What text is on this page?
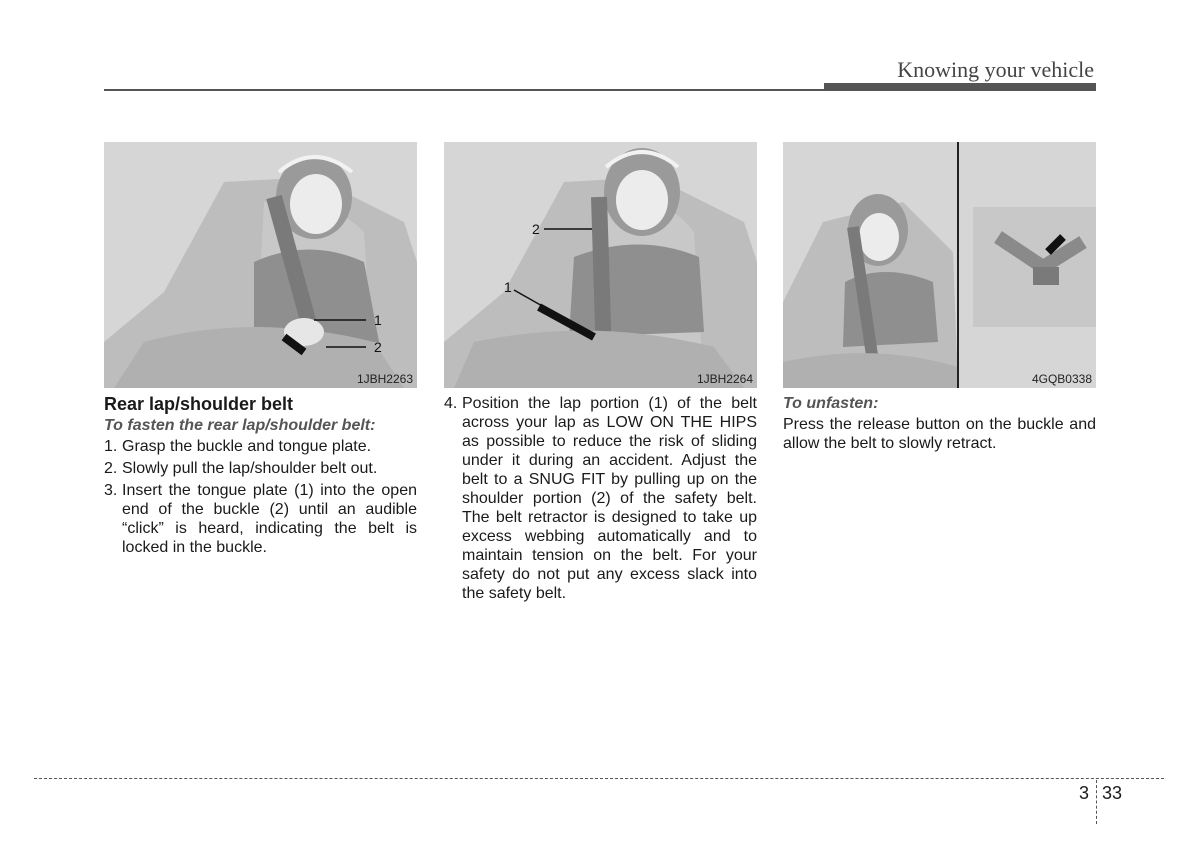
Knowing your vehicle
1
2
1JBH2263
2
1
1JBH2264	4GQB0338
Rear lap/shoulder belt
To fasten the rear lap/shoulder belt:
1. Grasp the buckle and tongue plate.
2. Slowly pull the lap/shoulder belt out.
3. Insert the tongue plate (1) into the open end of the buckle (2) until an audible “click” is heard, indicating the belt is locked in the buckle.
4. Position the lap portion (1) of the belt across your lap as LOW ON THE HIPS as possible to reduce the risk of sliding under it during an accident. Adjust the belt to a SNUG FIT by pulling up on the shoulder portion (2) of the safety belt. The belt retractor is designed to take up excess webbing automatically and to maintain tension on the belt. For your safety do not put any excess slack into the safety belt.
To unfasten:

Press the release button on the buckle and allow the belt to slowly retract.

3 33
